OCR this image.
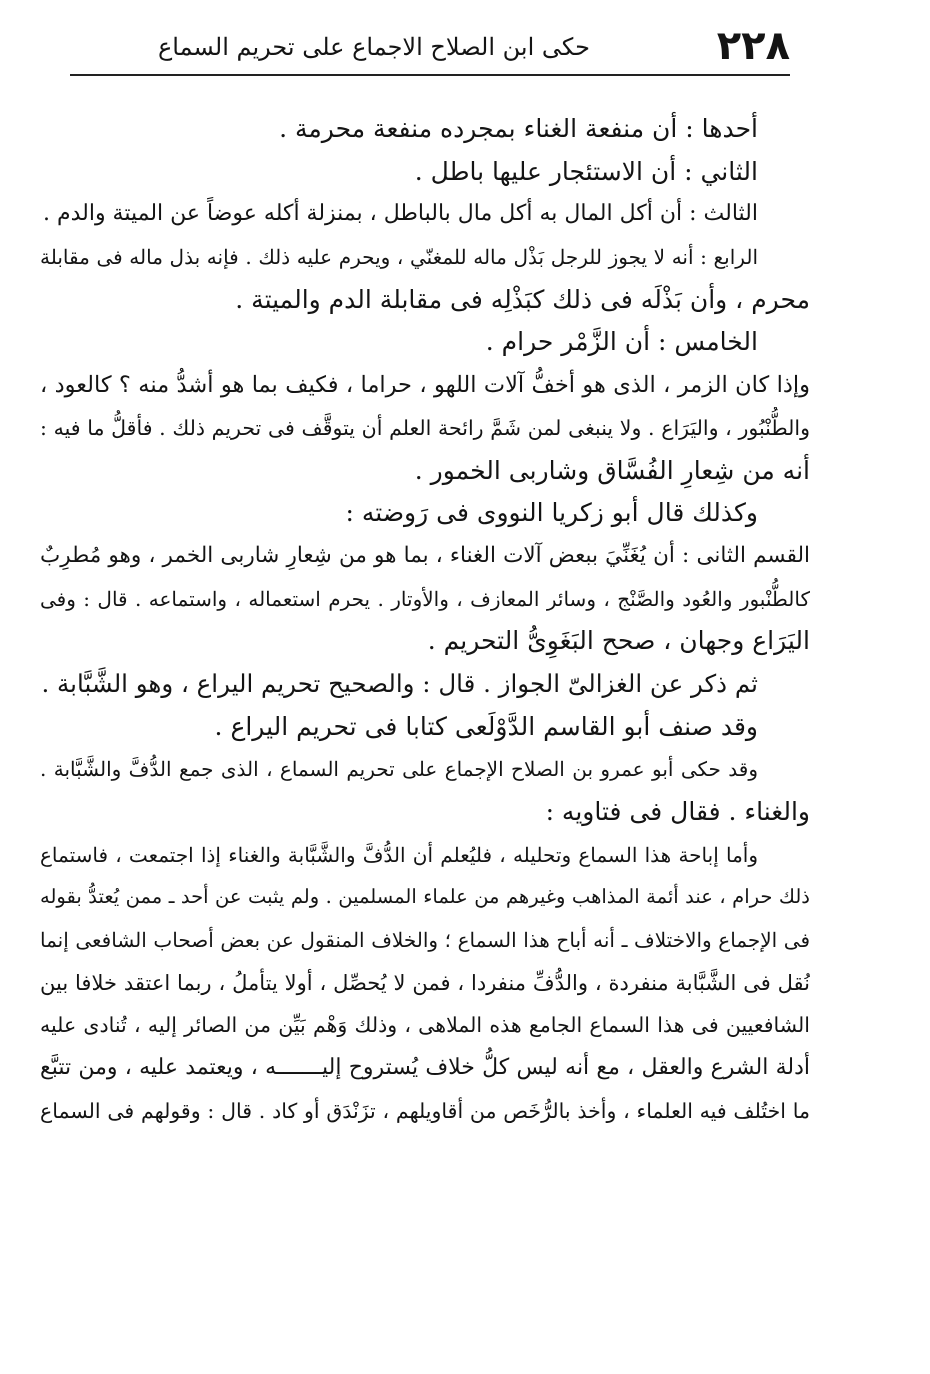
٢٢٨
حكى ابن الصلاح الاجماع على تحريم السماع
أحدها : أن منفعة الغناء بمجرده منفعة محرمة .
الثاني : أن الاستئجار عليها باطل .
الثالث : أن أكل المال به أكل مال بالباطل ، بمنزلة أكله عوضاً عن الميتة والدم .
الرابع : أنه لا يجوز للرجل بَذْل ماله للمغنّي ، ويحرم عليه ذلك . فإنه بذل ماله فى مقابلة
محرم ، وأن بَذْلَه فى ذلك كبَذْلِه فى مقابلة الدم والميتة .
الخامس : أن الزَّمْر حرام .
وإذا كان الزمر ، الذى هو أخفُّ آلات اللهو ، حراما ، فكيف بما هو أشدُّ منه ؟ كالعود ،
والطُّنْبُور ، واليَرَاع . ولا ينبغى لمن شَمَّ رائحة العلم أن يتوقَّف فى تحريم ذلك . فأقلُّ ما فيه :
أنه من شِعارِ الفُسَّاق وشاربى الخمور .
وكذلك قال أبو زكريا النووى فى رَوضته :
القسم الثانى : أن يُغَنِّيَ ببعض آلات الغناء ، بما هو من شِعارِ شاربى الخمر ، وهو مُطرِبٌ
كالطُّنْبور والعُود والصَّنْج ، وسائر المعازف ، والأوتار . يحرم استعماله ، واستماعه . قال : وفى
اليَرَاع وجهان ، صحح البَغَوِىُّ التحريم .
ثم ذكر عن الغزالىّ الجواز . قال : والصحيح تحريم اليراع ، وهو الشَّبَّابة .
وقد صنف أبو القاسم الدَّوْلَعى كتابا فى تحريم اليراع .
وقد حكى أبو عمرو بن الصلاح الإجماع على تحريم السماع ، الذى جمع الدُّفَّ والشَّبَّابة .
والغناء . فقال فى فتاويه :
وأما إباحة هذا السماع وتحليله ، فليُعلم أن الدُّفَّ والشَّبَّابة والغناء إذا اجتمعت ، فاستماع
ذلك حرام ، عند أئمة المذاهب وغيرهم من علماء المسلمين . ولم يثبت عن أحد ـ ممن يُعتدُّ بقوله
فى الإجماع والاختلاف ـ أنه أباح هذا السماع ؛ والخلاف المنقول عن بعض أصحاب الشافعى إنما
نُقل فى الشَّبَّابة منفردة ، والدُّفِّ منفردا ، فمن لا يُحصِّل ، أولا يتأملُ ، ربما اعتقد خلافا بين
الشافعيين فى هذا السماع الجامع هذه الملاهى ، وذلك وَهْم بَيِّن من الصائر إليه ، تُنادى عليه
أدلة الشرع والعقل ، مع أنه ليس كلُّ خلاف يُستروح إليـــــــه ، ويعتمد عليه ، ومن تتبَّع
ما اختُلف فيه العلماء ، وأخذ بالرُّخَص من أقاويلهم ، تزَنْدَق أو كاد . قال : وقولهم فى السماع
